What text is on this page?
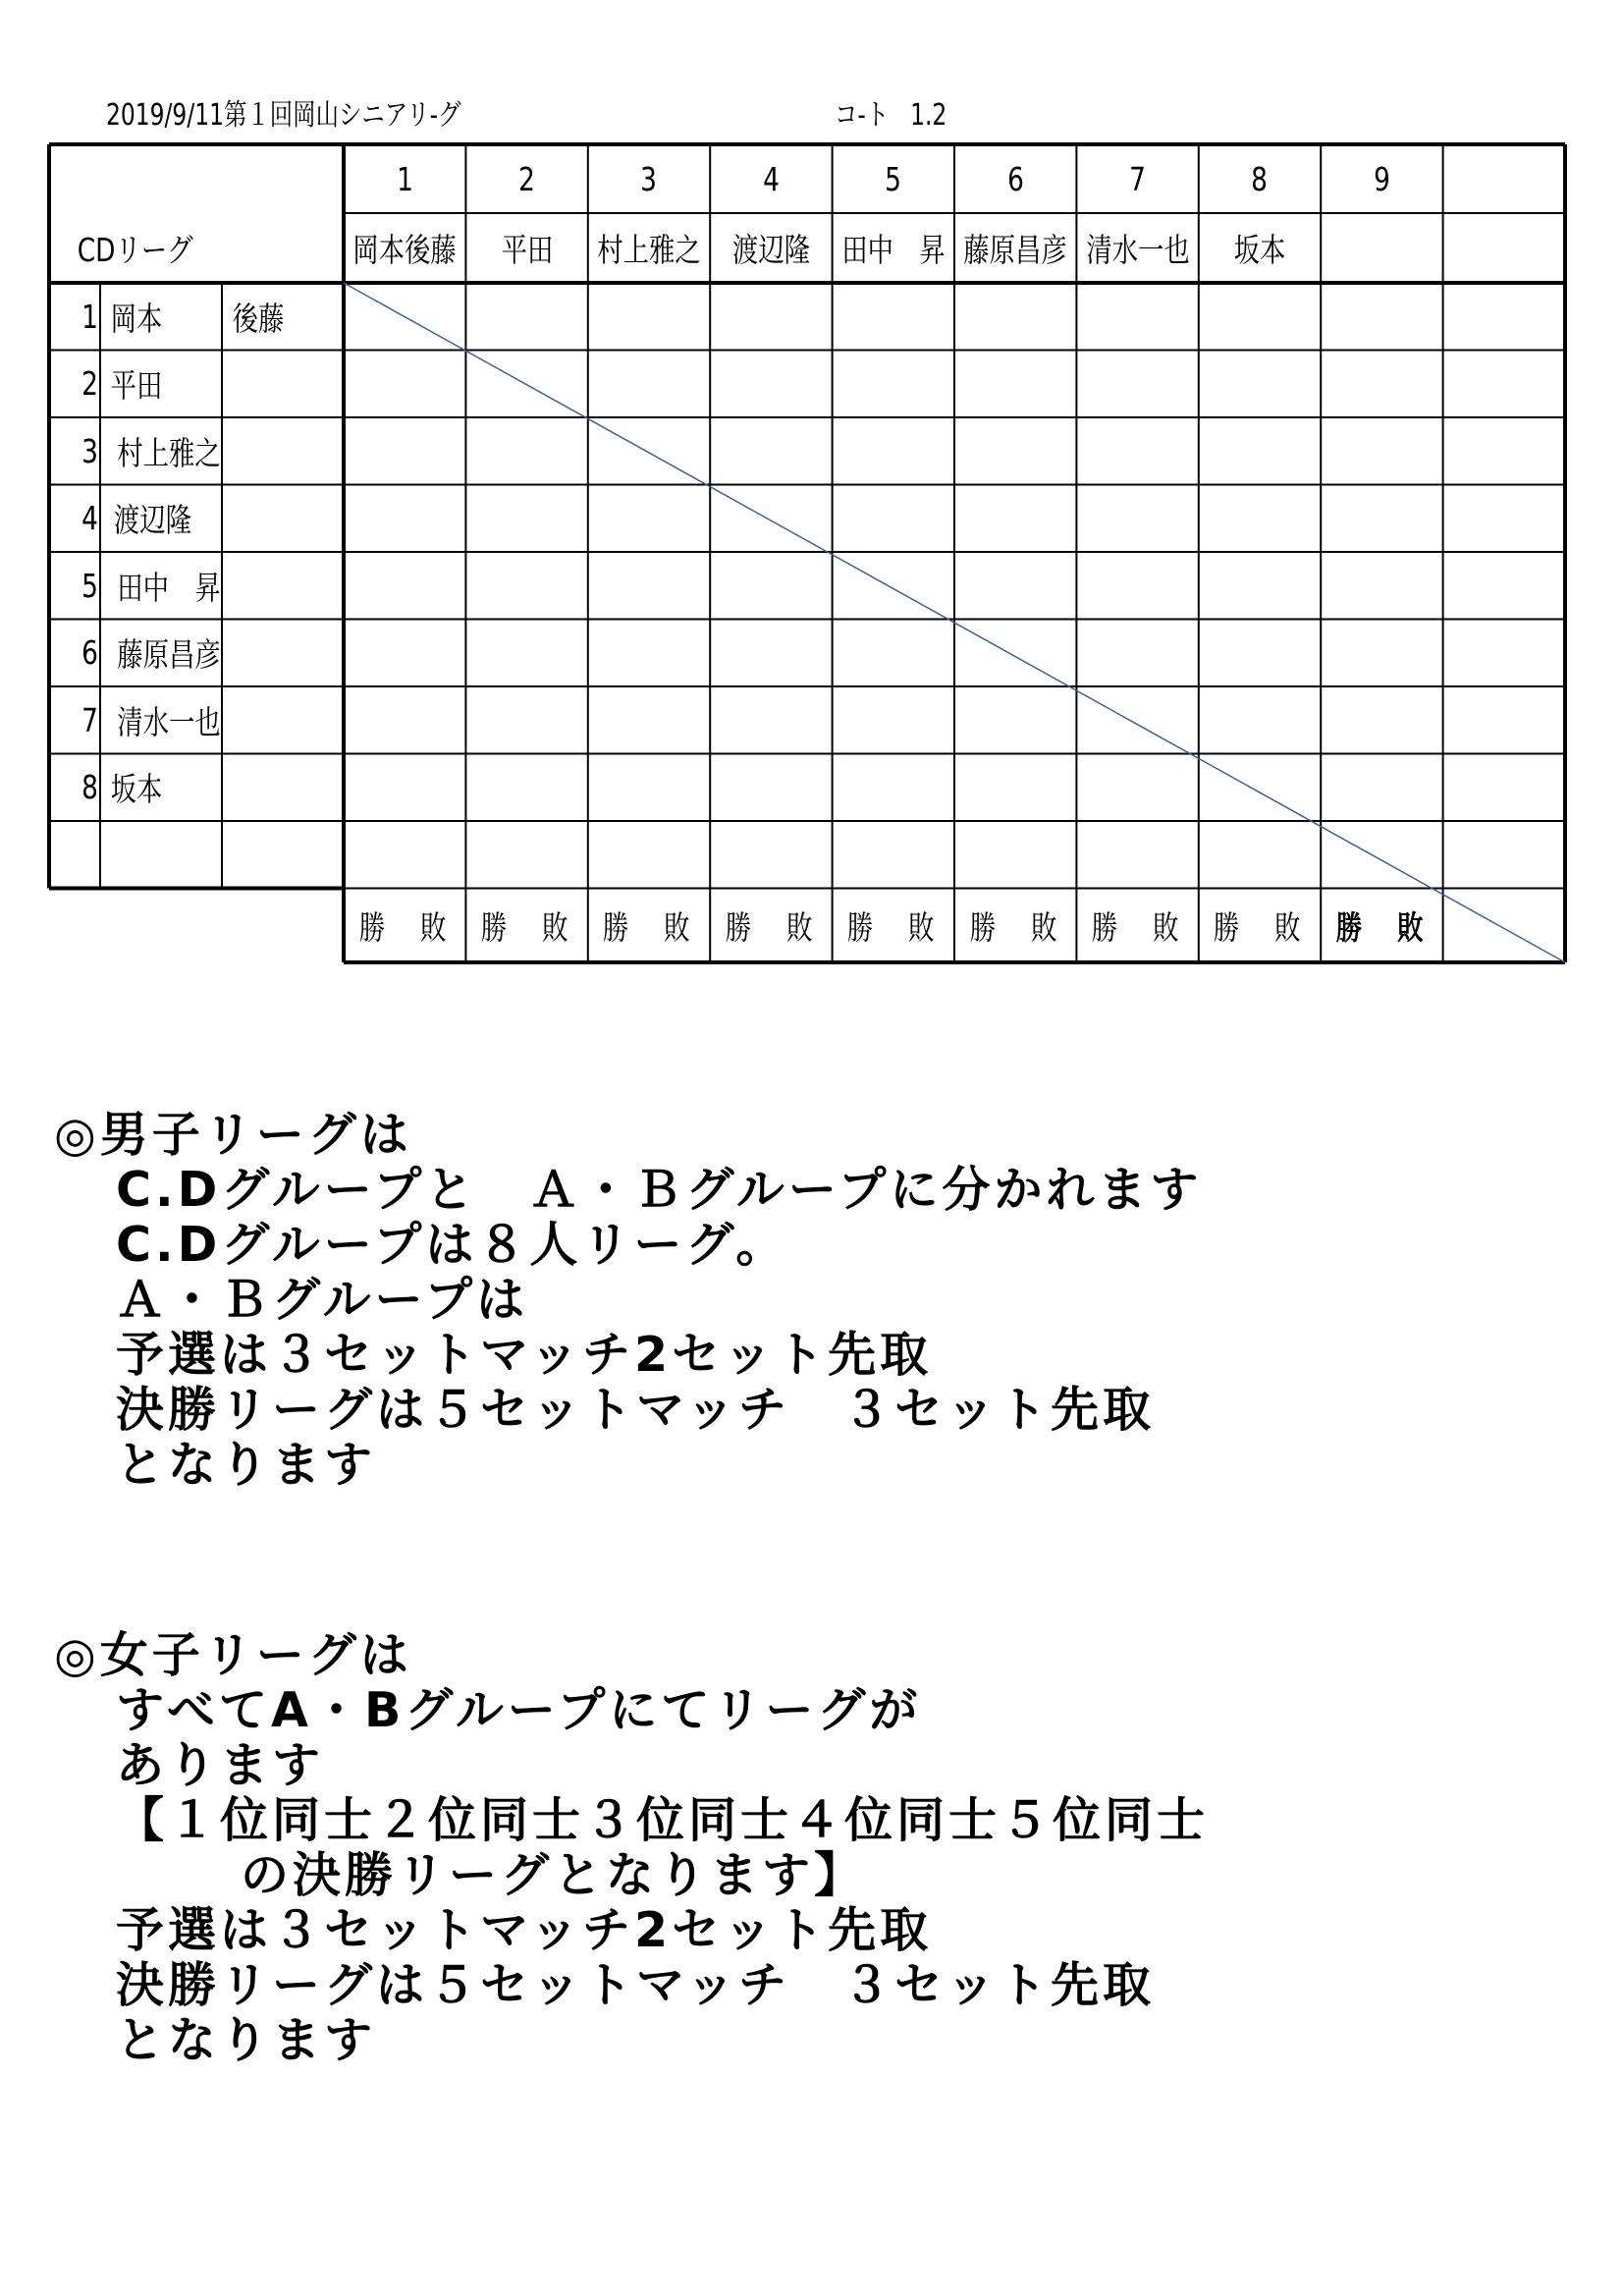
2019/9/11第１回岡山シニアリ-グ	コ-ト 1.2
CDリーグ
1	2	3	4	5	6	7	8	9
岡本後藤 平田 村上雅之 渡辺隆 田中　昇 藤原昌彦 清水一也 坂本
1 岡本 後藤
2 平田
3 村上雅之
4 渡辺隆
5 田中　昇
6 藤原昌彦
7 清水一也
8 坂本
勝　敗 勝　敗 勝　敗 勝　敗 勝　敗 勝　敗 勝　敗 勝　敗 勝　敗
◎男子リーグは
C.Dグループと　Ａ・Ｂグループに分かれます
C.Dグループは８人リーグ。
Ａ・Ｂグループは
予選は３セットマッチ2セット先取
決勝リーグは５セットマッチ　３セット先取
となります
◎女子リーグは
すべてA・Bグループにてリーグが
あります
【１位同士２位同士３位同士４位同士５位同士
の決勝リーグとなります】
予選は３セットマッチ2セット先取
決勝リーグは５セットマッチ　３セット先取
となります
